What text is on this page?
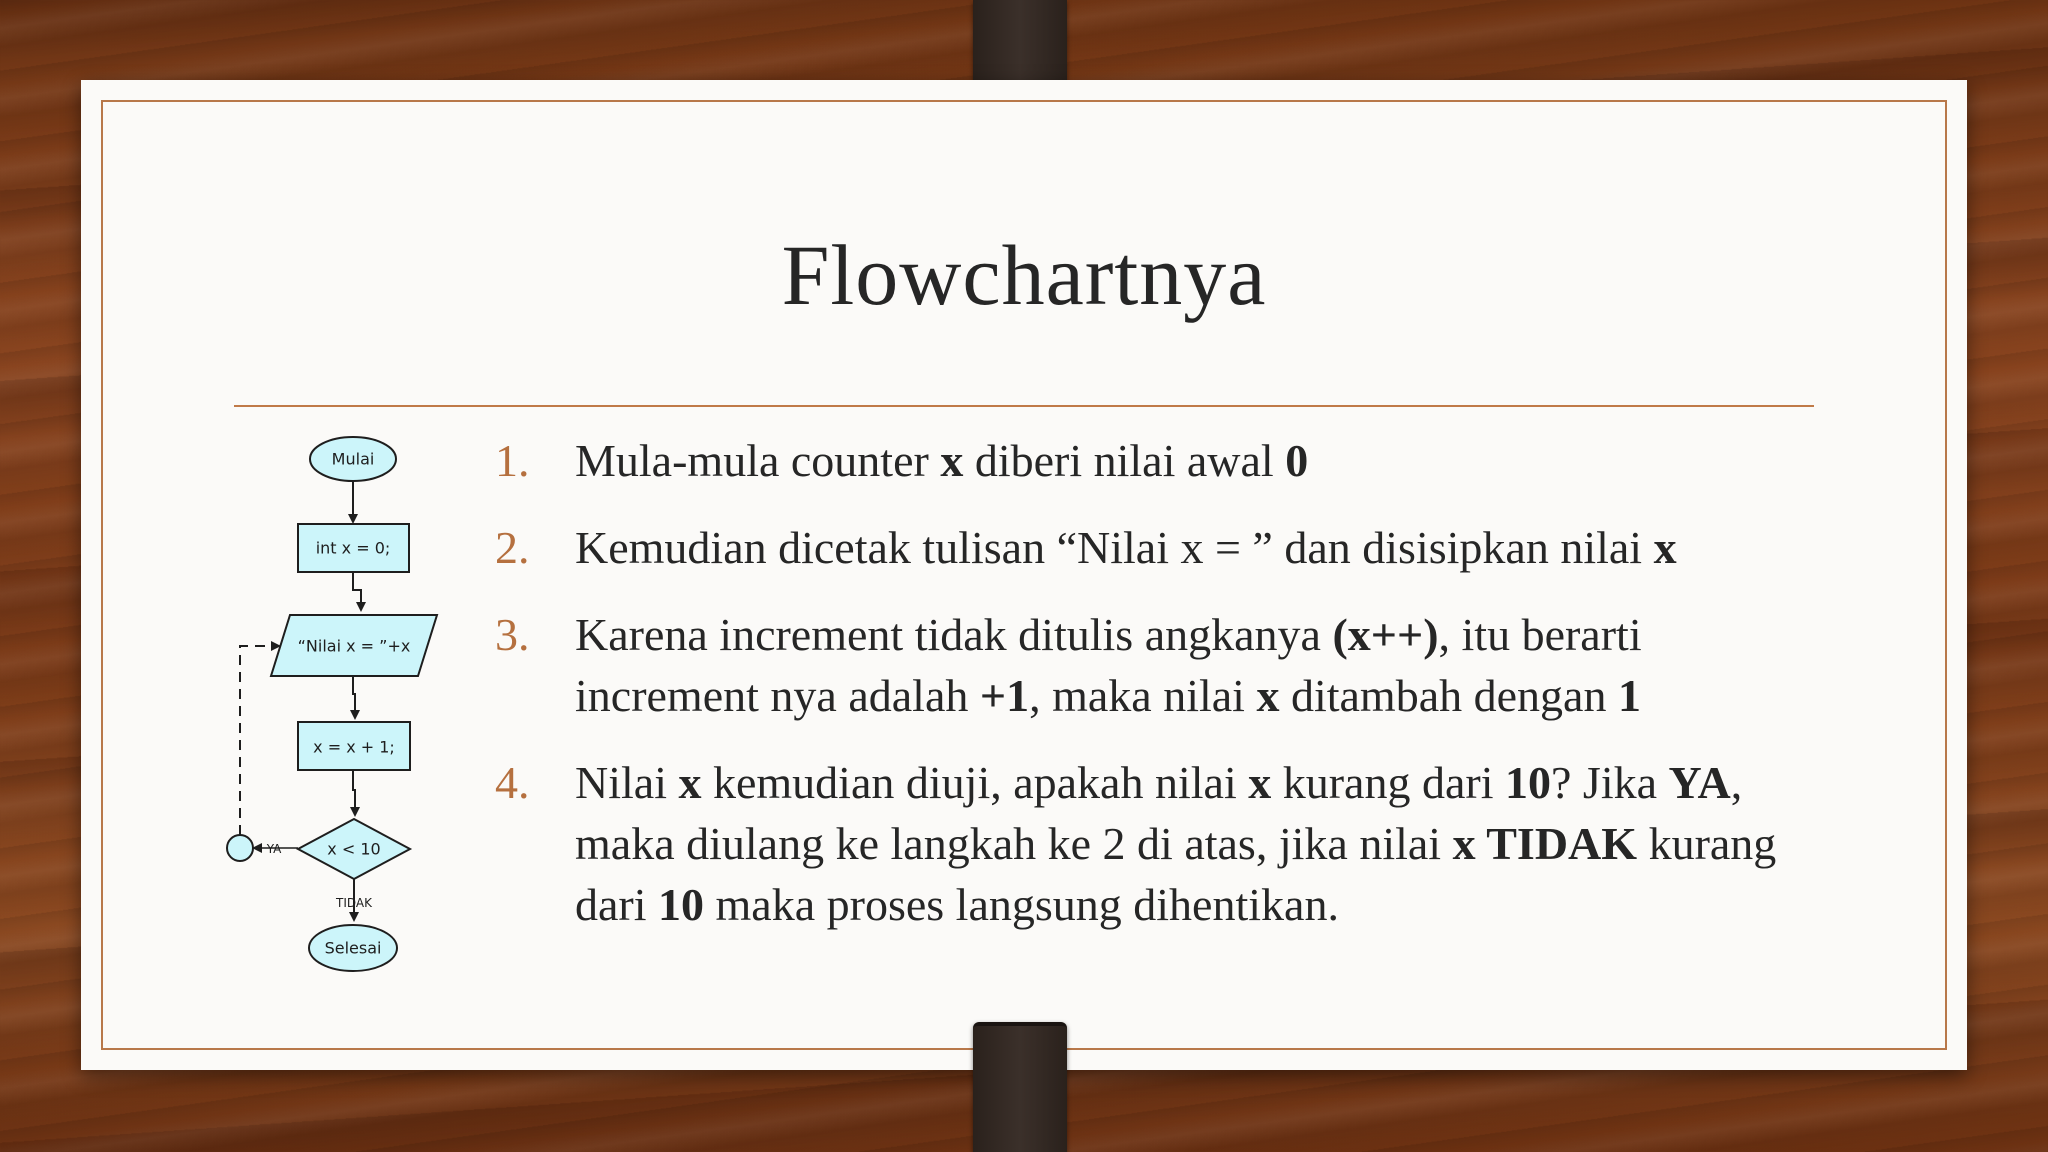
Flowchartnya
Mulai
int x = 0;
“Nilai x = ”+x
x = x + 1;
x < 10
YA
TIDAK
Selesai
1. Mula-mula counter x diberi nilai awal 0
2. Kemudian dicetak tulisan “Nilai x = ” dan disisipkan nilai x
3. Karena increment tidak ditulis angkanya (x++), itu berarti increment nya adalah +1, maka nilai x ditambah dengan 1
4. Nilai x kemudian diuji, apakah nilai x kurang dari 10? Jika YA, maka diulang ke langkah ke 2 di atas, jika nilai x TIDAK kurang dari 10 maka proses langsung dihentikan.
